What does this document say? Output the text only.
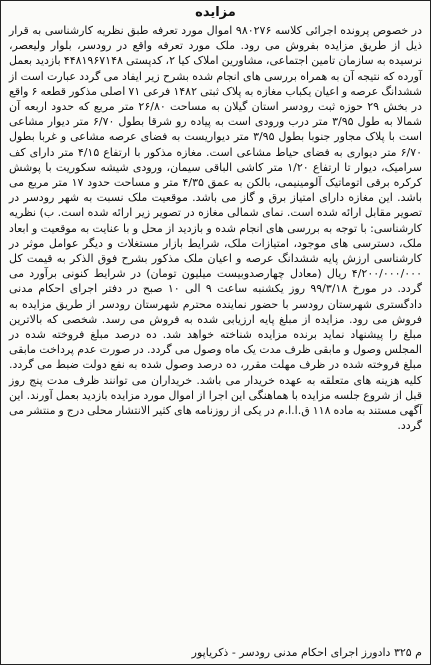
مزایده
در خصوص پرونده اجرائی کلاسه ۹۸۰۲۷۶ اموال مورد تعرفه طبق نظریه کارشناسی به قرار ذیل از طریق مزایده بفروش می رود. ملک مورد تعرفه واقع در رودسر، بلوار ولیعصر، نرسیده به سازمان تامین اجتماعی، مشاورین املاک کیا ۲، کدپستی ۴۴۸۱۹۶۷۱۴۸ بازدید بعمل آورده که نتیجه آن به همراه بررسی های انجام شده بشرح زیر ایفاد می گردد عبارت است از ششدانگ عرصه و اعیان یکباب مغازه به پلاک ثبتی ۱۴۸۲ فرعی ۷۱ اصلی مذکور قطعه ۶ واقع در بخش ۲۹ حوزه ثبت رودسر استان گیلان به مساحت ۲۶/۸۰ متر مربع که حدود اربعه آن شمالا به طول ۳/۹۵ متر درب ورودی است به پیاده رو شرقا بطول ۶/۷۰ متر دیوار مشاعی است با پلاک مجاور جنوبا بطول ۳/۹۵ متر دیواریست به فضای عرصه مشاعی و غربا بطول ۶/۷۰ متر دیواری به فضای حیاط مشاعی است. مغازه مذکور با ارتفاع ۴/۱۵ متر دارای کف سرامیک، دیوار تا ارتفاع ۱/۲۰ متر کاشی الباقی سیمان، ورودی شیشه سکوریت با پوشش کرکره برقی اتوماتیک آلومینیمی، بالکن به عمق ۴/۳۵ متر و مساحت حدود ۱۷ متر مربع می باشد. این مغازه دارای امتیاز برق و گاز می باشد. موقعیت ملک نسبت به شهر رودسر در تصویر مقابل ارائه شده است. نمای شمالی مغازه در تصویر زیر ارائه شده است. ب) نظریه کارشناسی: با توجه به بررسی های انجام شده و بازدید از محل و با عنایت به موقعیت و ابعاد ملک، دسترسی های موجود، امتیازات ملک، شرایط بازار مستغلات و دیگر عوامل موثر در کارشناسی ارزش پایه ششدانگ عرصه و اعیان ملک مذکور بشرح فوق الذکر به قیمت کل ۴/۲۰۰/۰۰۰/۰۰۰ ریال (معادل چهارصدوبیست میلیون تومان) در شرایط کنونی برآورد می گردد. در مورخ ۹۹/۳/۱۸ روز یکشنبه ساعت ۹ الی ۱۰ صبح در دفتر اجرای احکام مدنی دادگستری شهرستان رودسر با حضور نماینده محترم شهرستان رودسر از طریق مزایده به فروش می رود. مزایده از مبلغ پایه ارزیابی شده به فروش می رسد. شخصی که بالاترین مبلغ را پیشنهاد نماید برنده مزایده شناخته خواهد شد. ده درصد مبلغ فروخته شده در المجلس وصول و مابقی ظرف مدت یک ماه وصول می گردد. در صورت عدم پرداخت مابقی مبلغ فروخته شده در ظرف مهلت مقرر، ده درصد وصول شده به نفع دولت ضبط می گردد. کلیه هزینه های متعلقه به عهده خریدار می باشد. خریداران می توانند ظرف مدت پنج روز قبل از شروع جلسه مزایده با هماهنگی این اجرا از اموال مورد مزایده بازدید بعمل آورند. این آگهی مستند به ماده ۱۱۸ ق.ا.ا.م در یکی از روزنامه های کثیر الانتشار محلی درج و منتشر می گردد.
م ۳۲۵ دادورز اجرای احکام مدنی رودسر - ذکریاپور
